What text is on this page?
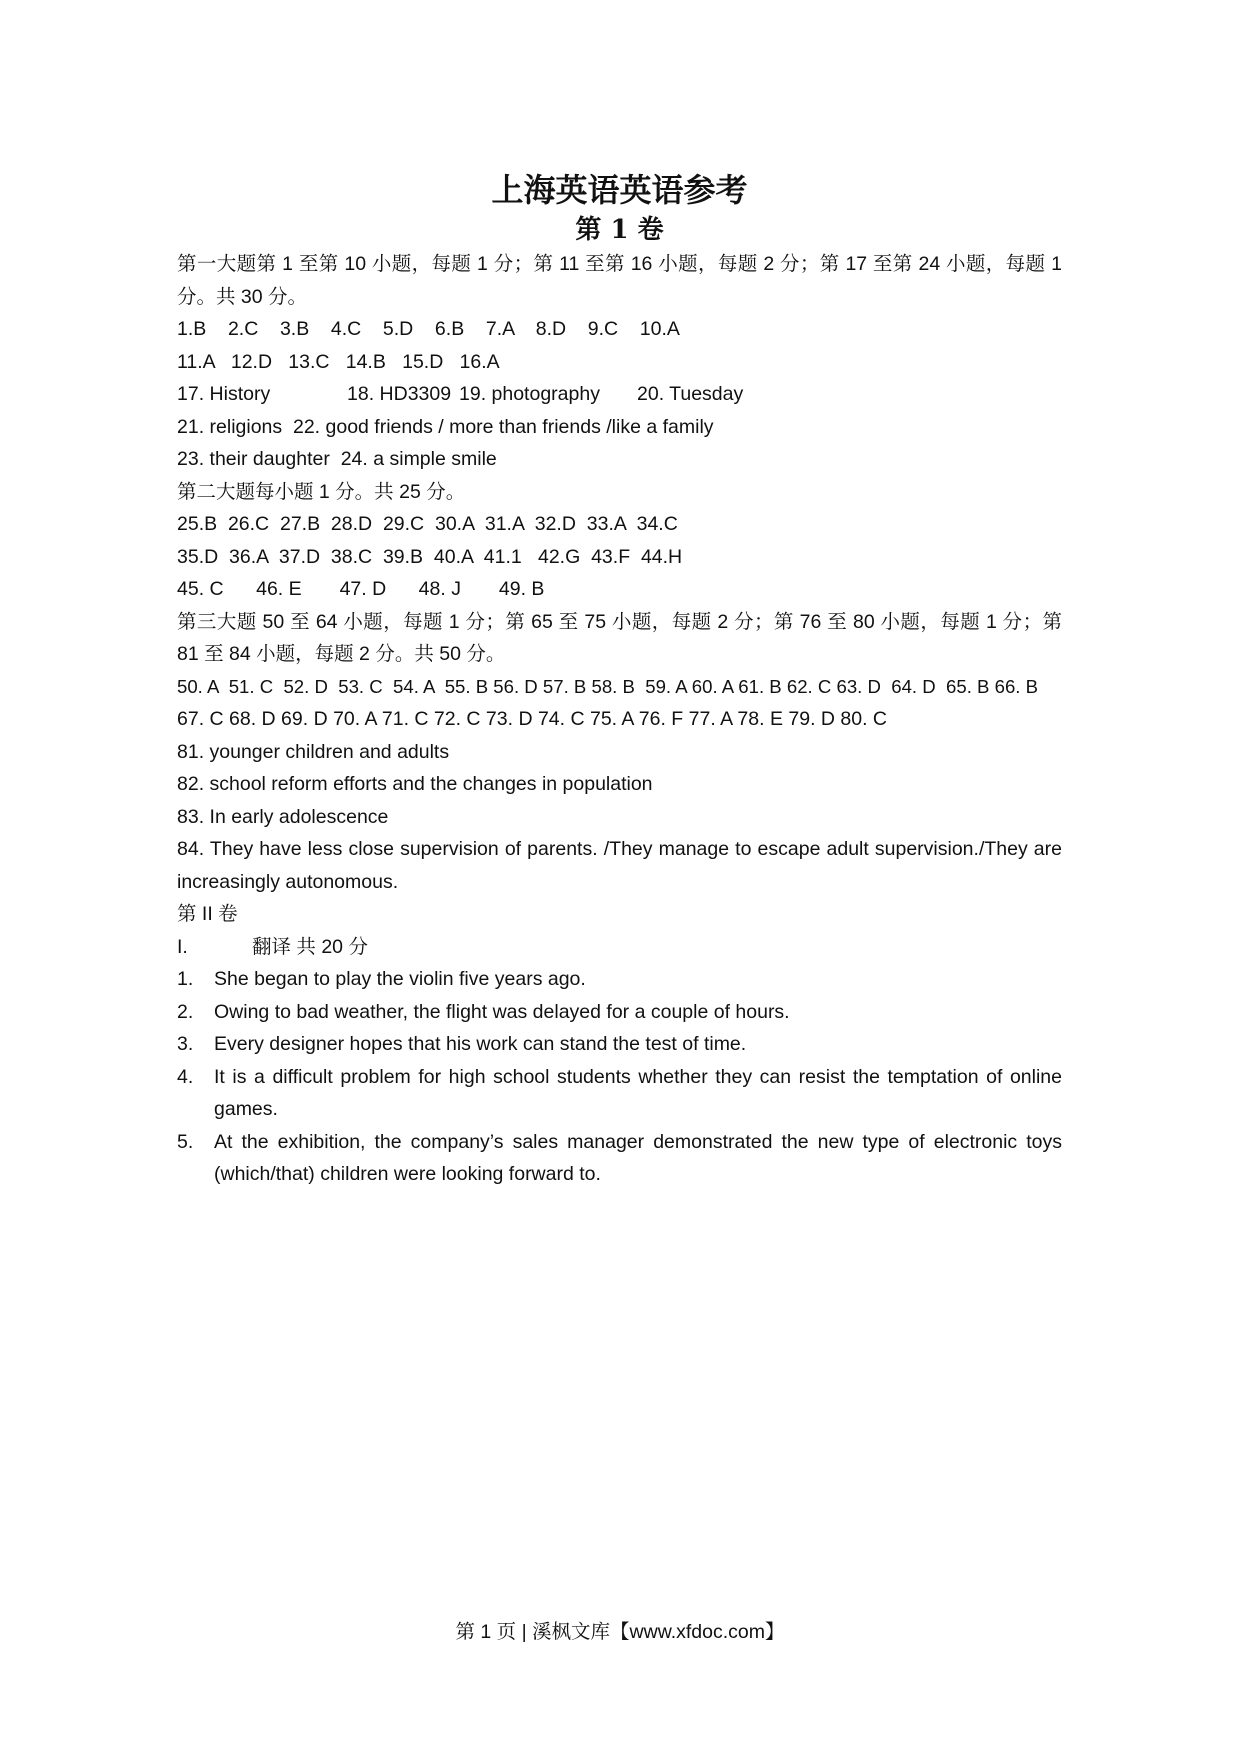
上海英语英语参考
第 1 卷

第一大题第 1 至第 10 小题，每题 1 分；第 11 至第 16 小题，每题 2 分；第 17 至第 24 小题，每题 1 分。共 30 分。

1.B    2.C    3.B    4.C    5.D    6.B    7.A    8.D    9.C    10.A

11.A   12.D   13.C   14.B   15.D   16.A

17. History	18. HD3309 19. photography 20. Tuesday

21. religions  22. good friends / more than friends /like a family

23. their daughter  24. a simple smile

第二大题每小题 1 分。共 25 分。

25.B  26.C  27.B  28.D  29.C  30.A  31.A  32.D  33.A  34.C

35.D  36.A  37.D  38.C  39.B  40.A  41.1   42.G  43.F  44.H

45. C      46. E       47. D      48. J       49. B

第三大题 50 至 64 小题，每题 1 分；第 65 至 75 小题，每题 2 分；第 76 至 80 小题，每题 1 分；第 81 至 84 小题，每题 2 分。共 50 分。

50. A  51. C  52. D  53. C  54. A  55. B 56. D 57. B 58. B  59. A 60. A 61. B 62. C 63. D  64. D  65. B 66. B

67. C 68. D 69. D 70. A 71. C 72. C 73. D 74. C 75. A 76. F 77. A 78. E 79. D 80. C

81. younger children and adults

82. school reform efforts and the changes in population

83. In early adolescence

84. They have less close supervision of parents. /They manage to escape adult supervision./They are increasingly autonomous.

第 II 卷

I.	翻译 共 20 分
1.	She began to play the violin five years ago.
2.	Owing to bad weather, the flight was delayed for a couple of hours.
3.	Every designer hopes that his work can stand the test of time.
4.	It is a difficult problem for high school students whether they can resist the temptation of online games.
5.	At the exhibition, the company’s sales manager demonstrated the new type of electronic toys (which/that) children were looking forward to.
第 1 页 | 溪枫文库【www.xfdoc.com】
